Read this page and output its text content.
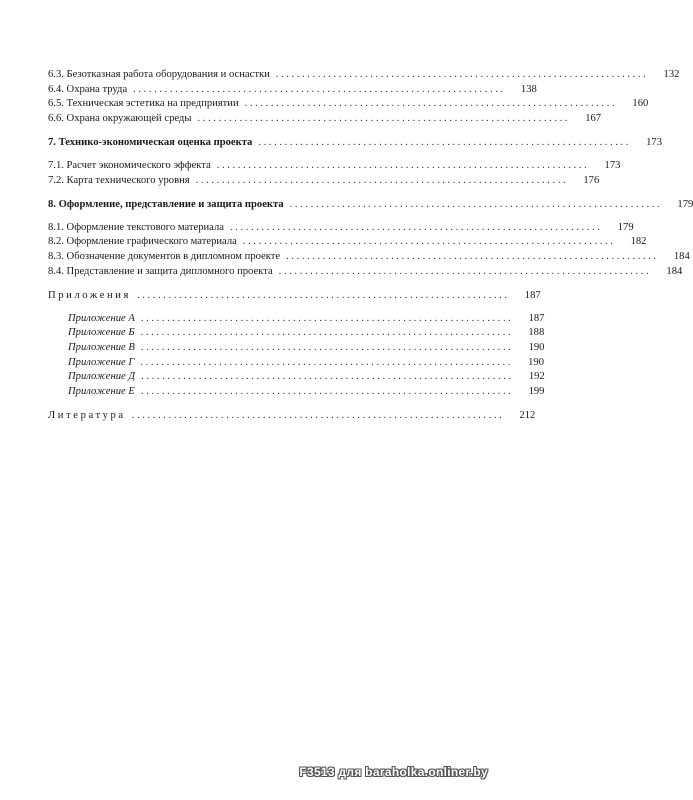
6.3. Безотказная работа оборудования и оснастки .......................................................................	132
6.4. Охрана труда .......................................................................	138
6.5. Техническая эстетика на предприятии .......................................................................	160
6.6. Охрана окружающей среды .......................................................................	167
7. Технико-экономическая оценка проекта .......................................................................	173
7.1. Расчет экономического эффекта .......................................................................	173
7.2. Карта технического уровня .......................................................................	176
8. Оформление, представление и защита проекта .......................................................................	179
8.1. Оформление текстового материала .......................................................................	179
8.2. Оформление графического материала .......................................................................	182
8.3. Обозначение документов в дипломном проекте .......................................................................	184
8.4. Представление и защита дипломного проекта .......................................................................	184
Приложения .......................................................................	187
Приложение А .......................................................................	187
Приложение Б .......................................................................	188
Приложение В .......................................................................	190
Приложение Г .......................................................................	190
Приложение Д .......................................................................	192
Приложение Е .......................................................................	199
Литература .......................................................................	212
F3513 для baraholka.onliner.by
